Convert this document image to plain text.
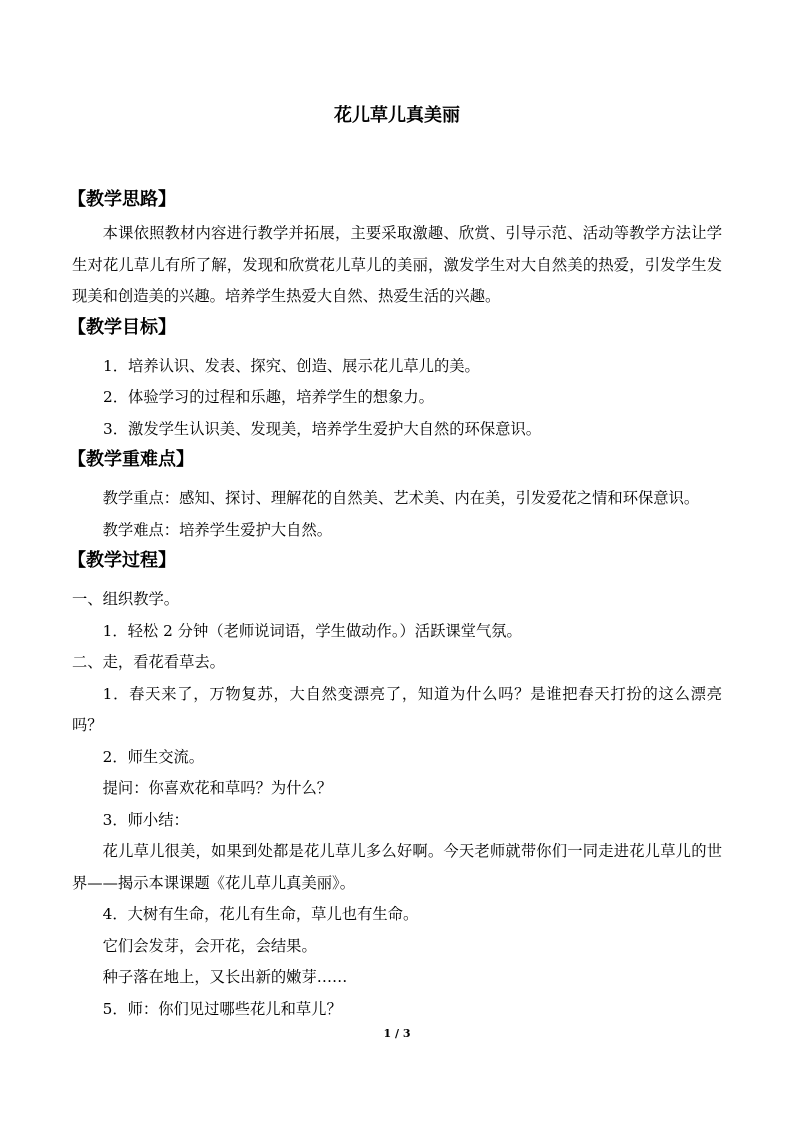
花儿草儿真美丽
【教学思路】

本课依照教材内容进行教学并拓展，主要采取激趣、欣赏、引导示范、活动等教学方法让学生对花儿草儿有所了解，发现和欣赏花儿草儿的美丽，激发学生对大自然美的热爱，引发学生发现美和创造美的兴趣。培养学生热爱大自然、热爱生活的兴趣。

【教学目标】

1．培养认识、发表、探究、创造、展示花儿草儿的美。

2．体验学习的过程和乐趣，培养学生的想象力。

3．激发学生认识美、发现美，培养学生爱护大自然的环保意识。

【教学重难点】

教学重点：感知、探讨、理解花的自然美、艺术美、内在美，引发爱花之情和环保意识。

教学难点：培养学生爱护大自然。

【教学过程】

一、组织教学。

1．轻松 2 分钟（老师说词语，学生做动作。）活跃课堂气氛。

二、走，看花看草去。

1．春天来了，万物复苏，大自然变漂亮了，知道为什么吗？是谁把春天打扮的这么漂亮吗？

2．师生交流。

提问：你喜欢花和草吗？为什么？

3．师小结：

花儿草儿很美，如果到处都是花儿草儿多么好啊。今天老师就带你们一同走进花儿草儿的世界——揭示本课课题《花儿草儿真美丽》。

4．大树有生命，花儿有生命，草儿也有生命。

它们会发芽，会开花，会结果。

种子落在地上，又长出新的嫩芽……

5．师：你们见过哪些花儿和草儿？

1 / 3
